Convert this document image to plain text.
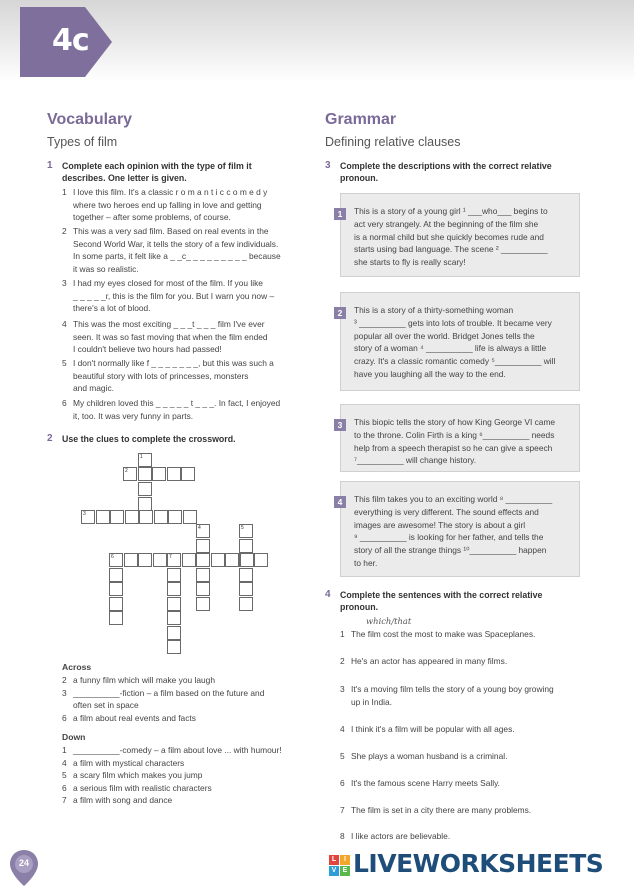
4c
Vocabulary
Types of film
1 Complete each opinion with the type of film it describes. One letter is given.
1 I love this film. It's a classic r o m a n t i c c o m e d y
where two heroes end up falling in love and getting
together – after some problems, of course.
2 This was a very sad film. Based on real events in the
Second World War, it tells the story of a few individuals.
In some parts, it felt like a _ _c_ _ _ _ _ _ _ _ _ because
it was so realistic.
3 I had my eyes closed for most of the film. If you like
_ _ _ _ _r, this is the film for you. But I warn you now –
there's a lot of blood.
4 This was the most exciting _ _ _t _ _ _ film I've ever
seen. It was so fast moving that when the film ended
I couldn't believe two hours had passed!
5 I don't normally like f _ _ _ _ _ _ _, but this was such a
beautiful story with lots of princesses, monsters
and magic.
6 My children loved this _ _ _ _ _ t _ _ _. In fact, I enjoyed
it, too. It was very funny in parts.
2 Use the clues to complete the crossword.
1
2
3
4	5
6	7
Across
2 a funny film which will make you laugh
3 __________-fiction – a film based on the future and
often set in space
6 a film about real events and facts
Down
1 __________-comedy – a film about love ... with humour!
4 a film with mystical characters
5 a scary film which makes you jump
6 a serious film with realistic characters
7 a film with song and dance
Grammar
Defining relative clauses
3 Complete the descriptions with the correct relative pronoun.
1	This is a story of a young girl ¹ ___who___ begins to
act very strangely. At the beginning of the film she
is a normal child but she quickly becomes rude and
starts using bad language. The scene ² __________
she starts to fly is really scary!
2	This is a story of a thirty-something woman
³ __________ gets into lots of trouble. It became very
popular all over the world. Bridget Jones tells the
story of a woman ⁴ __________ life is always a little
crazy. It's a classic romantic comedy ⁵__________ will
have you laughing all the way to the end.
3	This biopic tells the story of how King George VI came
to the throne. Colin Firth is a king ⁶__________ needs
help from a speech therapist so he can give a speech
⁷__________ will change history.
4	This film takes you to an exciting world ⁸ __________
everything is very different. The sound effects and
images are awesome! The story is about a girl
⁹ __________ is looking for her father, and tells the
story of all the strange things ¹⁰__________ happen
to her.
4 Complete the sentences with the correct relative pronoun.
which/that
1 The film cost the most to make was Spaceplanes.
2 He's an actor has appeared in many films.
3 It's a moving film tells the story of a young boy growing
up in India.
4 I think it's a film will be popular with all ages.
5 She plays a woman husband is a criminal.
6 It's the famous scene Harry meets Sally.
7 The film is set in a city there are many problems.
8 I like actors are believable.
24	L	I
V E LIVEWORKSHEETS
